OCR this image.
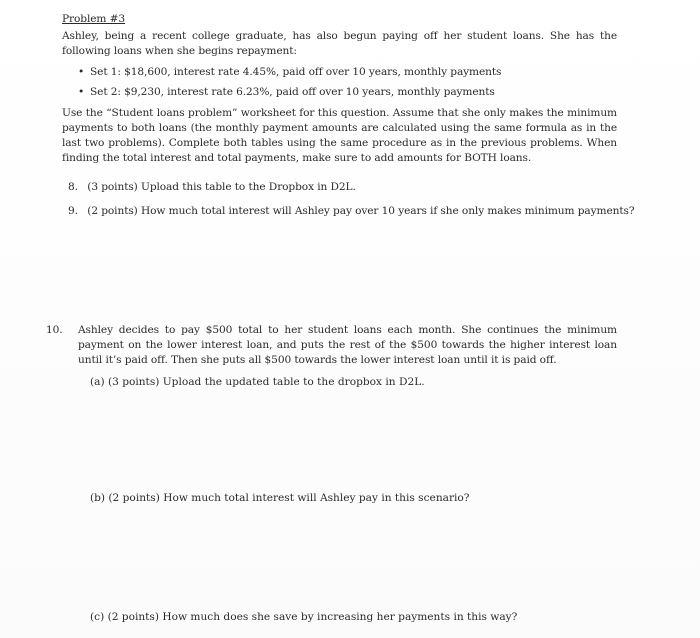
Problem #3

Ashley, being a recent college graduate, has also begun paying off her student loans. She has the following loans when she begins repayment:

• Set 1: $18,600, interest rate 4.45%, paid off over 10 years, monthly payments
• Set 2: $9,230, interest rate 6.23%, paid off over 10 years, monthly payments

Use the “Student loans problem” worksheet for this question. Assume that she only makes the minimum payments to both loans (the monthly payment amounts are calculated using the same formula as in the last two problems). Complete both tables using the same procedure as in the previous problems. When finding the total interest and total payments, make sure to add amounts for BOTH loans.

8. (3 points) Upload this table to the Dropbox in D2L.
9. (2 points) How much total interest will Ashley pay over 10 years if she only makes minimum payments?

10. Ashley decides to pay $500 total to her student loans each month. She continues the minimum payment on the lower interest loan, and puts the rest of the $500 towards the higher interest loan until it’s paid off. Then she puts all $500 towards the lower interest loan until it is paid off.

(a) (3 points) Upload the updated table to the dropbox in D2L.
(b) (2 points) How much total interest will Ashley pay in this scenario?
(c) (2 points) How much does she save by increasing her payments in this way?
